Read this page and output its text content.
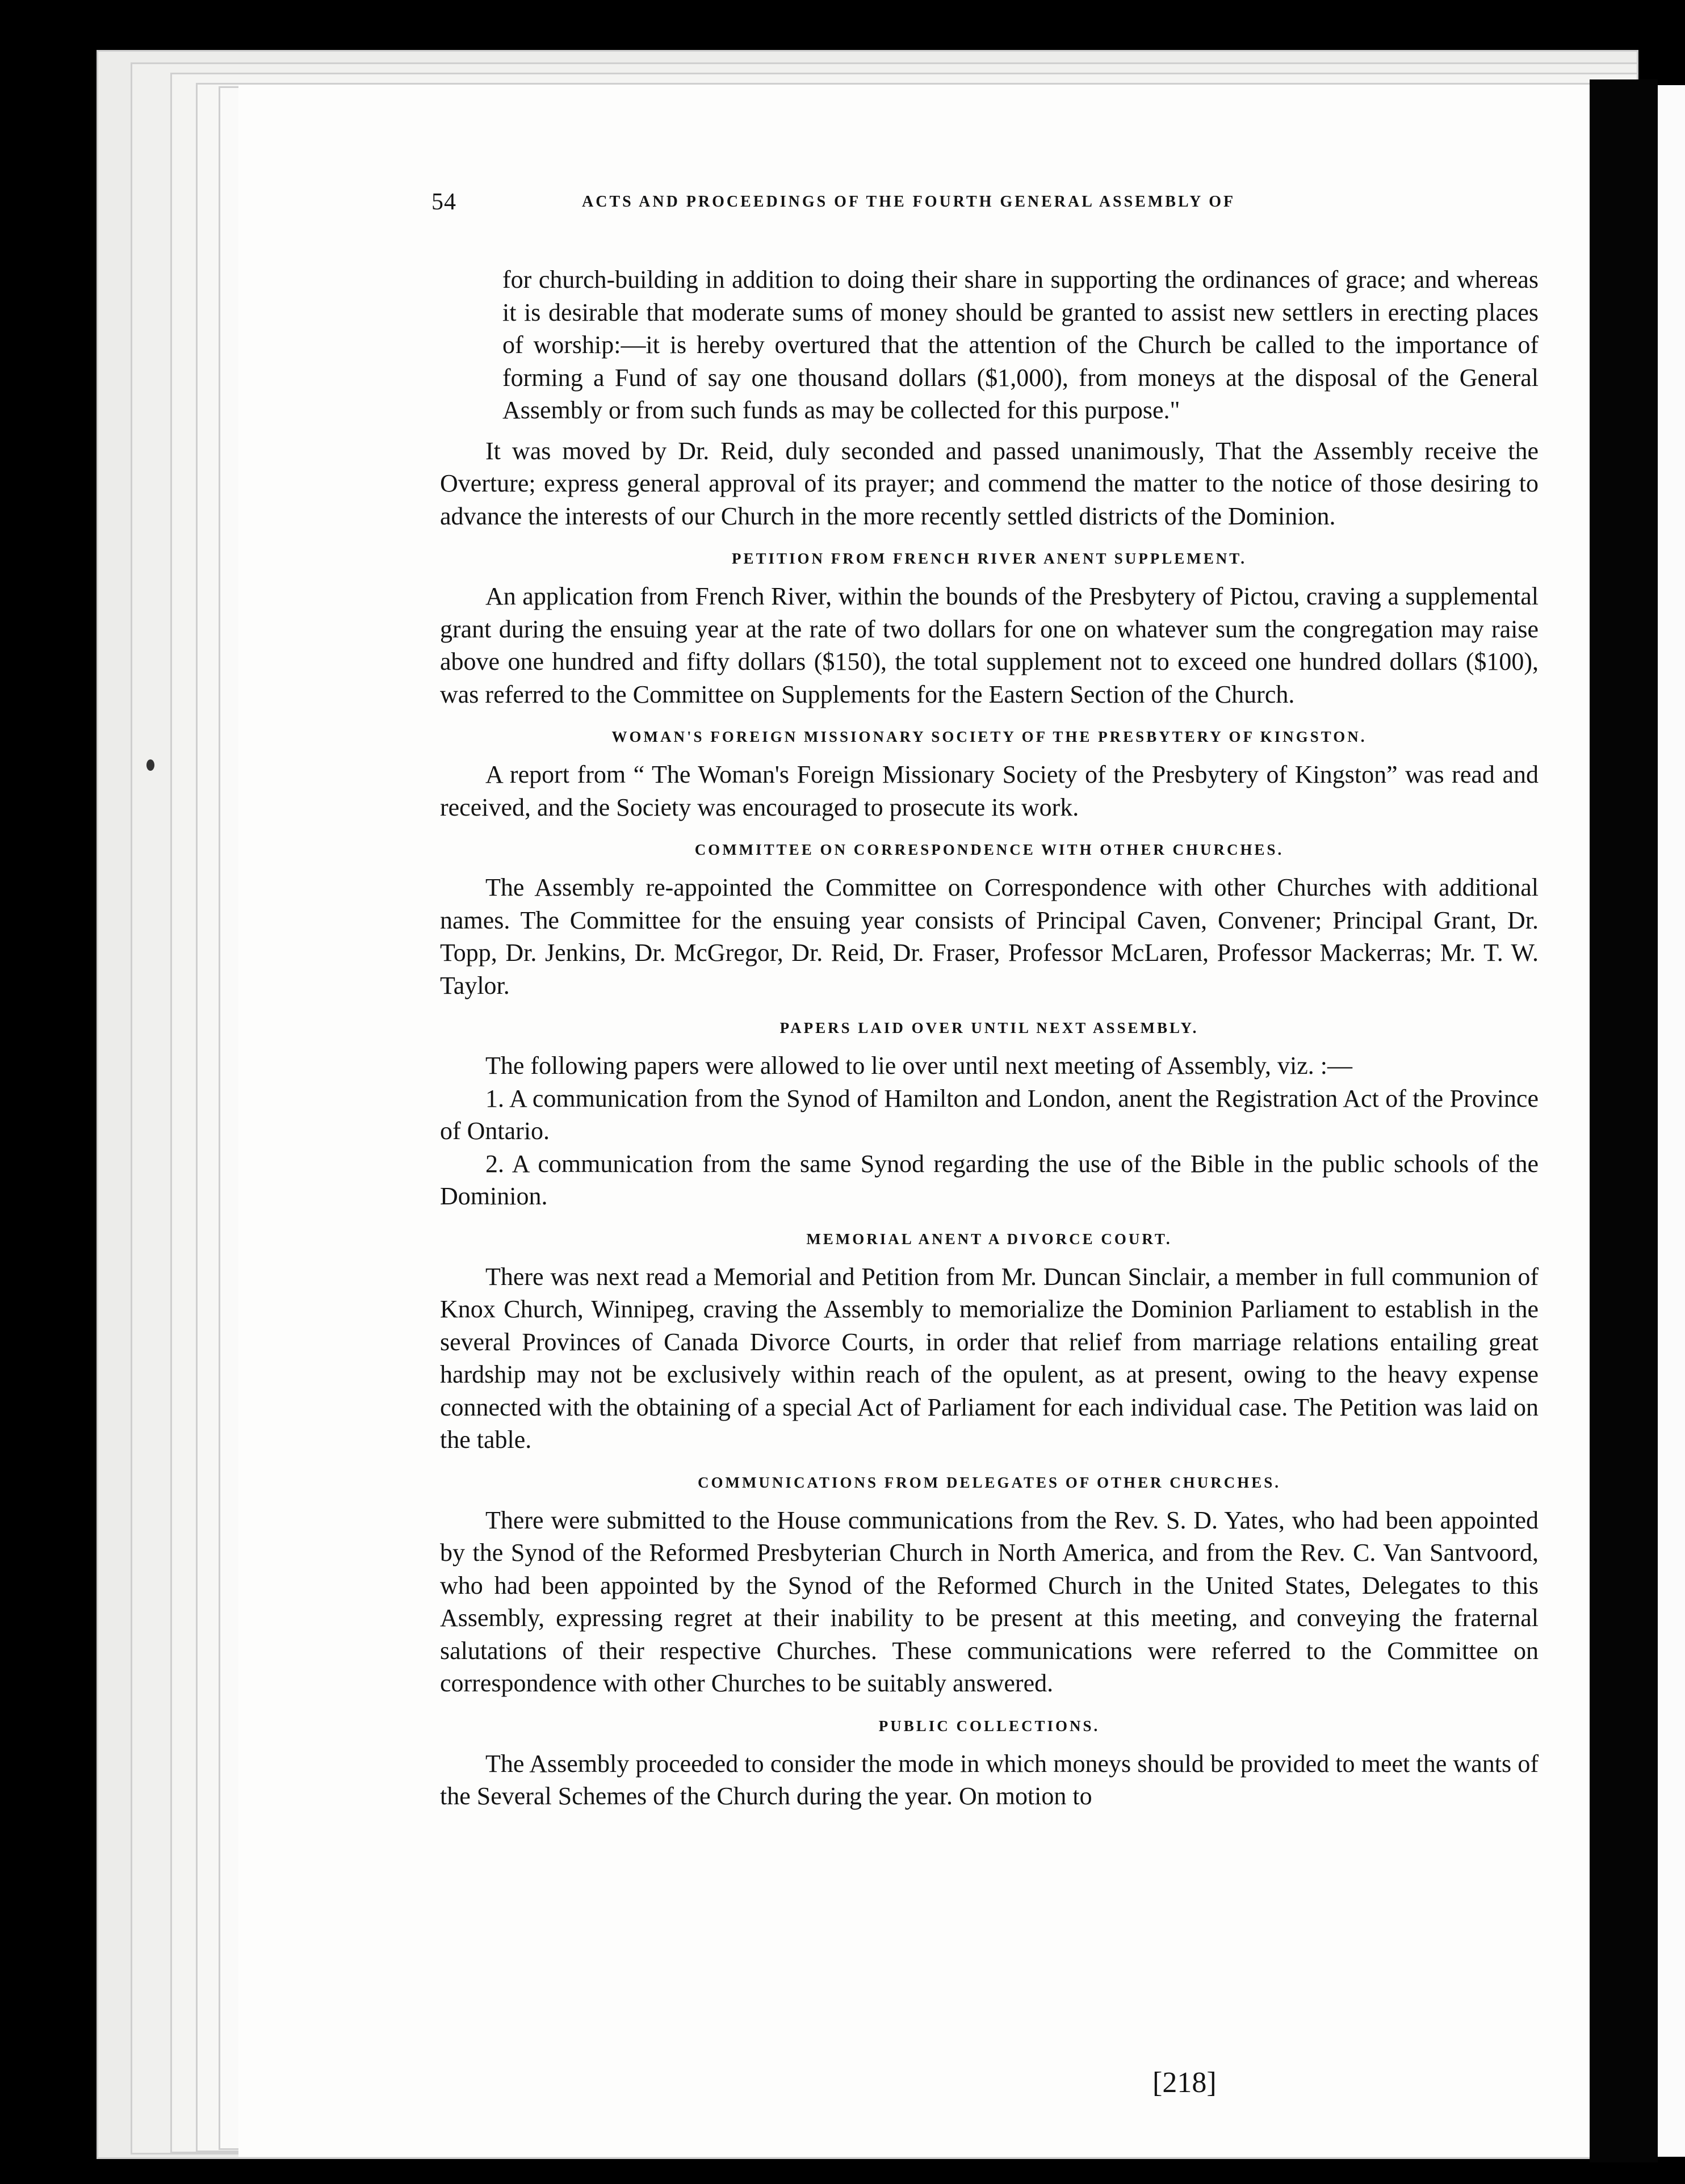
54	ACTS AND PROCEEDINGS OF THE FOURTH GENERAL ASSEMBLY OF

for church-building in addition to doing their share in supporting the ordinances of grace; and whereas it is desirable that moderate sums of money should be granted to assist new settlers in erecting places of worship:—it is hereby overtured that the attention of the Church be called to the importance of forming a Fund of say one thousand dollars ($1,000), from moneys at the disposal of the General Assembly or from such funds as may be collected for this purpose."

It was moved by Dr. Reid, duly seconded and passed unanimously, That the Assembly receive the Overture; express general approval of its prayer; and commend the matter to the notice of those desiring to advance the interests of our Church in the more recently settled districts of the Dominion.

PETITION FROM FRENCH RIVER ANENT SUPPLEMENT.

An application from French River, within the bounds of the Presbytery of Pictou, craving a supplemental grant during the ensuing year at the rate of two dollars for one on whatever sum the congregation may raise above one hundred and fifty dollars ($150), the total supplement not to exceed one hundred dollars ($100), was referred to the Committee on Supplements for the Eastern Section of the Church.

WOMAN'S FOREIGN MISSIONARY SOCIETY OF THE PRESBYTERY OF KINGSTON.

A report from “ The Woman's Foreign Missionary Society of the Presbytery of Kingston” was read and received, and the Society was encouraged to prosecute its work.

COMMITTEE ON CORRESPONDENCE WITH OTHER CHURCHES.

The Assembly re-appointed the Committee on Correspondence with other Churches with additional names. The Committee for the ensuing year consists of Principal Caven, Convener; Principal Grant, Dr. Topp, Dr. Jenkins, Dr. McGregor, Dr. Reid, Dr. Fraser, Professor McLaren, Professor Mackerras; Mr. T. W. Taylor.

PAPERS LAID OVER UNTIL NEXT ASSEMBLY.

The following papers were allowed to lie over until next meeting of Assembly, viz. :—

1. A communication from the Synod of Hamilton and London, anent the Registration Act of the Province of Ontario.

2. A communication from the same Synod regarding the use of the Bible in the public schools of the Dominion.

MEMORIAL ANENT A DIVORCE COURT.

There was next read a Memorial and Petition from Mr. Duncan Sinclair, a member in full communion of Knox Church, Winnipeg, craving the Assembly to memorialize the Dominion Parliament to establish in the several Provinces of Canada Divorce Courts, in order that relief from marriage relations entailing great hardship may not be exclusively within reach of the opulent, as at present, owing to the heavy expense connected with the obtaining of a special Act of Parliament for each individual case. The Petition was laid on the table.

COMMUNICATIONS FROM DELEGATES OF OTHER CHURCHES.

There were submitted to the House communications from the Rev. S. D. Yates, who had been appointed by the Synod of the Reformed Presbyterian Church in North America, and from the Rev. C. Van Santvoord, who had been appointed by the Synod of the Reformed Church in the United States, Delegates to this Assembly, expressing regret at their inability to be present at this meeting, and conveying the fraternal salutations of their respective Churches. These communications were referred to the Committee on correspondence with other Churches to be suitably answered.

PUBLIC COLLECTIONS.

The Assembly proceeded to consider the mode in which moneys should be provided to meet the wants of the Several Schemes of the Church during the year. On motion to

[218]
